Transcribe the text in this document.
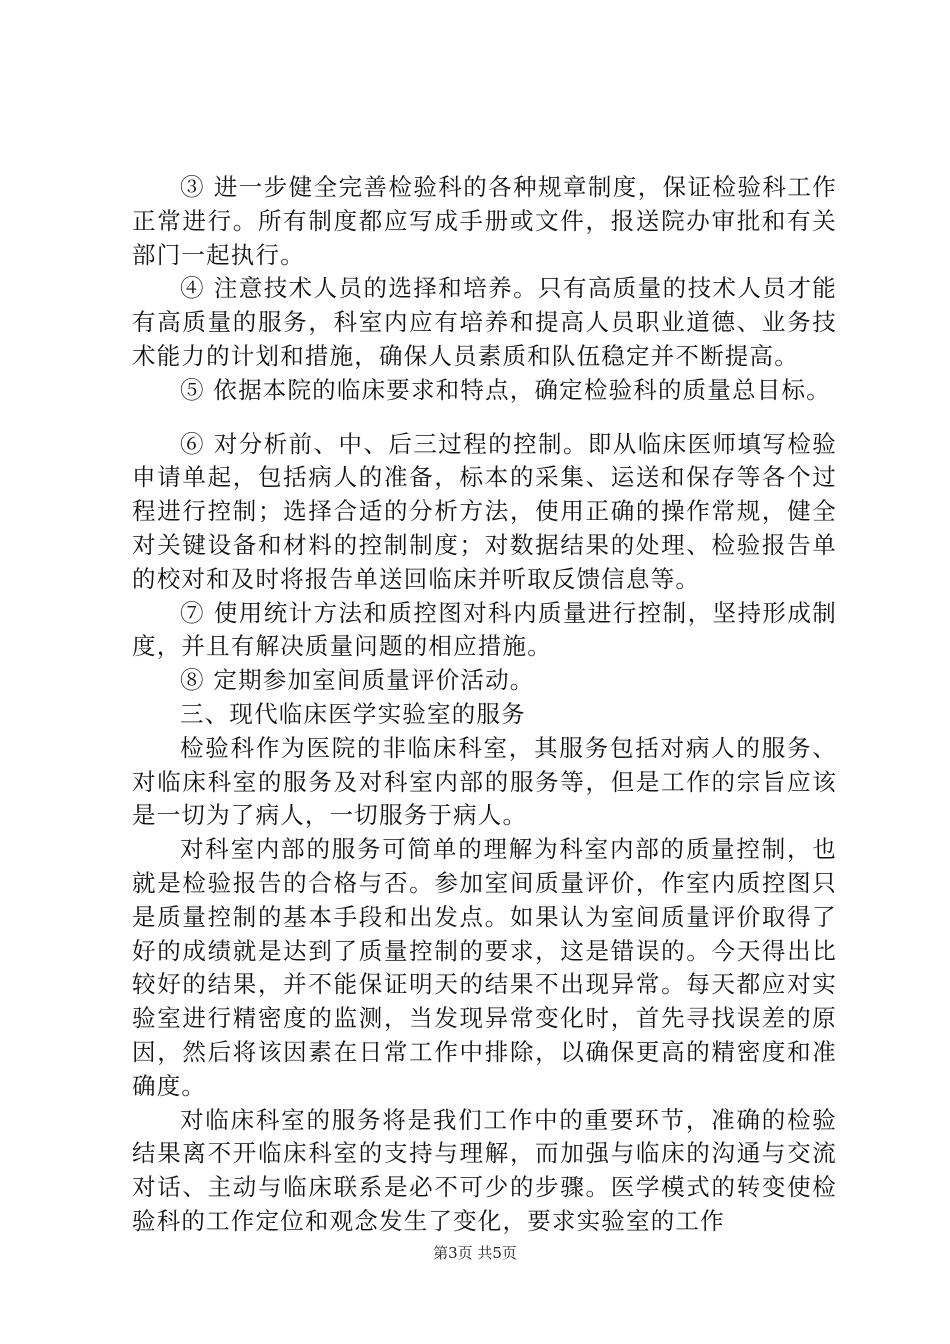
③ 进一步健全完善检验科的各种规章制度，保证检验科工作正常进行。所有制度都应写成手册或文件，报送院办审批和有关部门一起执行。

④ 注意技术人员的选择和培养。只有高质量的技术人员才能有高质量的服务，科室内应有培养和提高人员职业道德、业务技术能力的计划和措施，确保人员素质和队伍稳定并不断提高。

⑤ 依据本院的临床要求和特点，确定检验科的质量总目标。

⑥ 对分析前、中、后三过程的控制。即从临床医师填写检验申请单起，包括病人的准备，标本的采集、运送和保存等各个过程进行控制；选择合适的分析方法，使用正确的操作常规，健全对关键设备和材料的控制制度；对数据结果的处理、检验报告单的校对和及时将报告单送回临床并听取反馈信息等。

⑦ 使用统计方法和质控图对科内质量进行控制，坚持形成制度，并且有解决质量问题的相应措施。

⑧ 定期参加室间质量评价活动。

三、现代临床医学实验室的服务

检验科作为医院的非临床科室，其服务包括对病人的服务、对临床科室的服务及对科室内部的服务等，但是工作的宗旨应该是一切为了病人，一切服务于病人。

对科室内部的服务可简单的理解为科室内部的质量控制，也就是检验报告的合格与否。参加室间质量评价，作室内质控图只是质量控制的基本手段和出发点。如果认为室间质量评价取得了好的成绩就是达到了质量控制的要求，这是错误的。今天得出比较好的结果，并不能保证明天的结果不出现异常。每天都应对实验室进行精密度的监测，当发现异常变化时，首先寻找误差的原因，然后将该因素在日常工作中排除，以确保更高的精密度和准确度。

对临床科室的服务将是我们工作中的重要环节，准确的检验结果离不开临床科室的支持与理解，而加强与临床的沟通与交流对话、主动与临床联系是必不可少的步骤。医学模式的转变使检验科的工作定位和观念发生了变化，要求实验室的工作

第3页 共5页
